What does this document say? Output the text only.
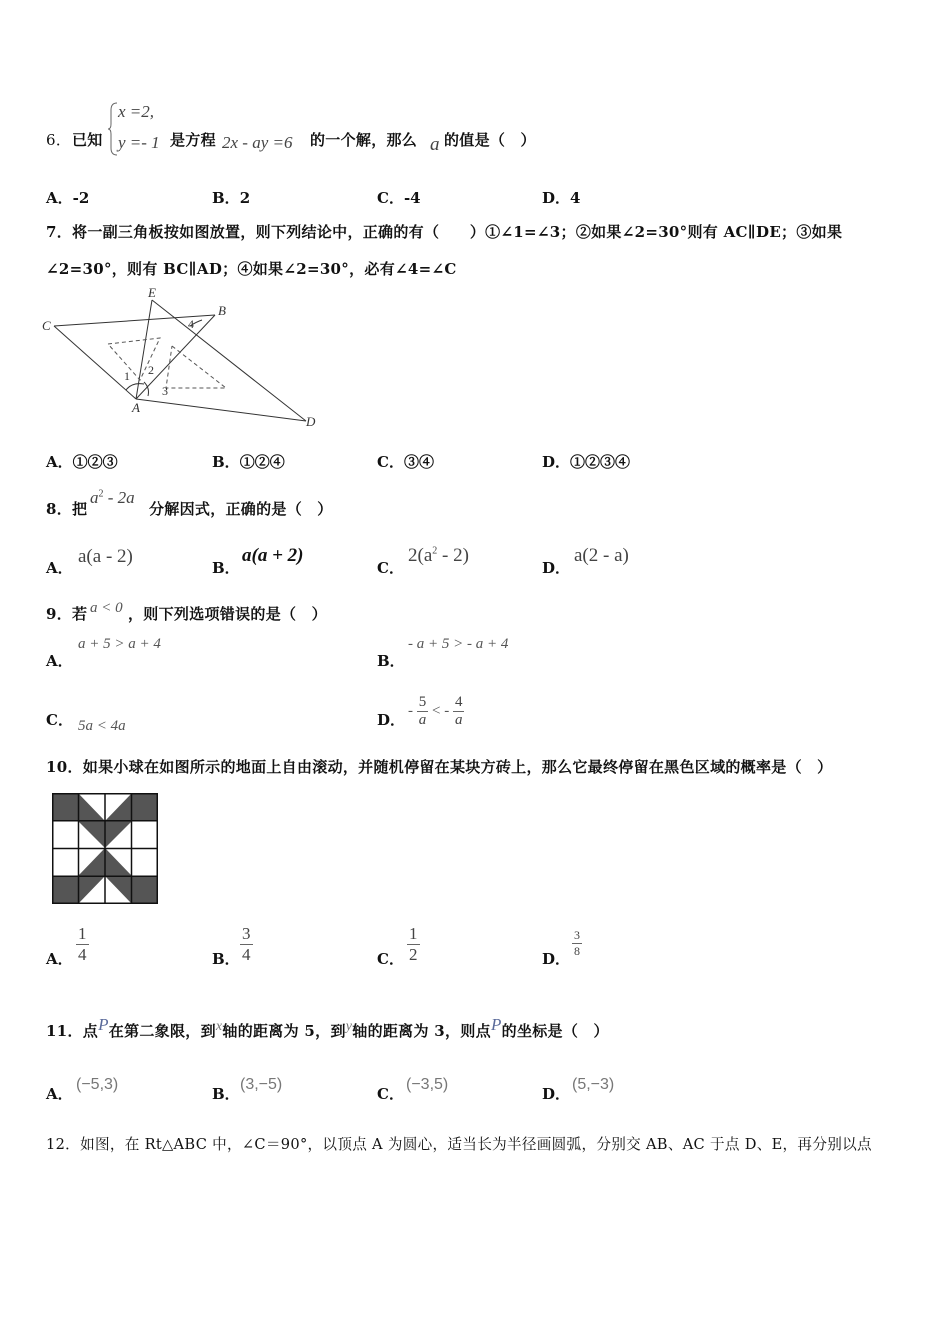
6． 已知
x =2,
y =- 1 是方程 2x - ay =6 的一个解，那么 a 的值是（　）
A．-2	B．2	C．-4	D．4
7．将一副三角板按如图放置，则下列结论中，正确的有（　　）①∠1=∠3；②如果∠2=30°则有 AC∥DE；③如果
∠2=30°，则有 BC∥AD；④如果∠2=30°，必有∠4=∠C
C
E
B
A
D
1 2
3
4
A．①②③	B．①②④	C．③④	D．①②③④
8．把
$a^2 - 2a$
分解因式，正确的是（　）
A．
a(a - 2)
B．
a(a + 2)
C．
$2(a^2 - 2)$
D．
a(2 - a)
9．若 a < 0 ，则下列选项错误的是（　）
A．
a + 5 > a + 4
B．
- a + 5 > - a + 4
C． 5a < 4a	D． - $\frac{5}{a}$ < - $\frac{4}{a}$
10．如果小球在如图所示的地面上自由滚动，并随机停留在某块方砖上，那么它最终停留在黑色区域的概率是（　）
A．
1
4	B．
3
4	C．
1
2	D．
3
8
11．点P在第二象限，到x轴的距离为 5，到y轴的距离为 3，则点P的坐标是（　）
A．
(−5,3)
B．
(3,−5)
C．
(−3,5)
D．
(5,−3)
12．如图，在 Rt△ABC 中，∠C＝90°，以顶点 A 为圆心，适当长为半径画圆弧，分别交 AB、AC 于点 D、E，再分别以点
